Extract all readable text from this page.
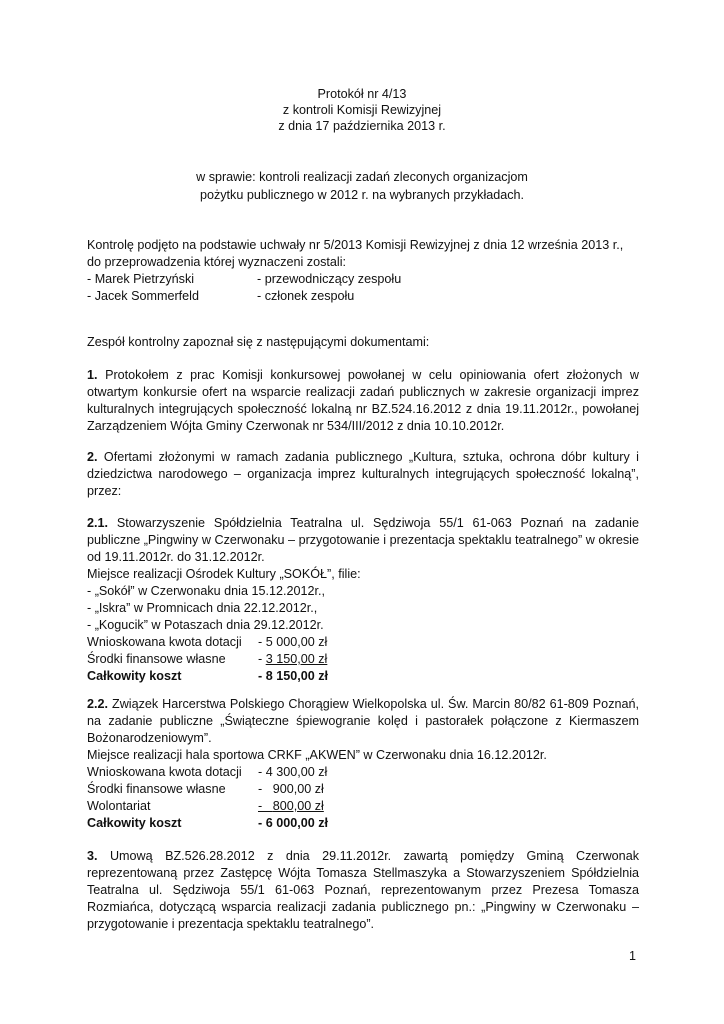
Protokół nr 4/13
z kontroli Komisji Rewizyjnej
z dnia 17 października 2013 r.
w sprawie: kontroli realizacji zadań zleconych organizacjom
pożytku publicznego w 2012 r. na wybranych przykładach.
Kontrolę podjęto na podstawie uchwały nr 5/2013 Komisji Rewizyjnej z dnia 12 września 2013 r.,
do przeprowadzenia której wyznaczeni zostali:
- Marek Pietrzyński	- przewodniczący zespołu
- Jacek Sommerfeld	- członek zespołu
Zespół kontrolny zapoznał się z następującymi dokumentami:
1. Protokołem z prac Komisji konkursowej powołanej w celu opiniowania ofert złożonych w otwartym konkursie ofert na wsparcie realizacji zadań publicznych w zakresie organizacji imprez kulturalnych integrujących społeczność lokalną nr BZ.524.16.2012 z dnia 19.11.2012r., powołanej Zarządzeniem Wójta Gminy Czerwonak nr 534/III/2012 z dnia 10.10.2012r.
2. Ofertami złożonymi w ramach zadania publicznego „Kultura, sztuka, ochrona dóbr kultury i dziedzictwa narodowego – organizacja imprez kulturalnych integrujących społeczność lokalną”, przez:
2.1. Stowarzyszenie Spółdzielnia Teatralna ul. Sędziwoja 55/1 61-063 Poznań na zadanie publiczne „Pingwiny w Czerwonaku – przygotowanie i prezentacja spektaklu teatralnego” w okresie od 19.11.2012r. do 31.12.2012r.
Miejsce realizacji Ośrodek Kultury „SOKÓŁ”, filie:
- „Sokół” w Czerwonaku dnia 15.12.2012r.,
- „Iskra” w Promnicach dnia 22.12.2012r.,
- „Kogucik” w Potaszach dnia 29.12.2012r.
Wnioskowana kwota dotacji	- 5 000,00 zł
Środki finansowe własne	- 3 150,00 zł
Całkowity koszt	- 8 150,00 zł
2.2. Związek Harcerstwa Polskiego Chorągiew Wielkopolska ul. Św. Marcin 80/82 61-809 Poznań, na zadanie publiczne „Świąteczne śpiewogranie kolęd i pastorałek połączone z Kiermaszem Bożonarodzeniowym”.
Miejsce realizacji hala sportowa CRKF „AKWEN” w Czerwonaku dnia 16.12.2012r.
Wnioskowana kwota dotacji	- 4 300,00 zł
Środki finansowe własne	-   900,00 zł
Wolontariat	- 800,00 zł
Całkowity koszt	- 6 000,00 zł
3. Umową BZ.526.28.2012 z dnia 29.11.2012r. zawartą pomiędzy Gminą Czerwonak reprezentowaną przez Zastępcę Wójta Tomasza Stellmaszyka a Stowarzyszeniem Spółdzielnia Teatralna ul. Sędziwoja 55/1 61-063 Poznań, reprezentowanym przez Prezesa Tomasza Rozmiańca, dotyczącą wsparcia realizacji zadania publicznego pn.: „Pingwiny w Czerwonaku – przygotowanie i prezentacja spektaklu teatralnego”.
1
